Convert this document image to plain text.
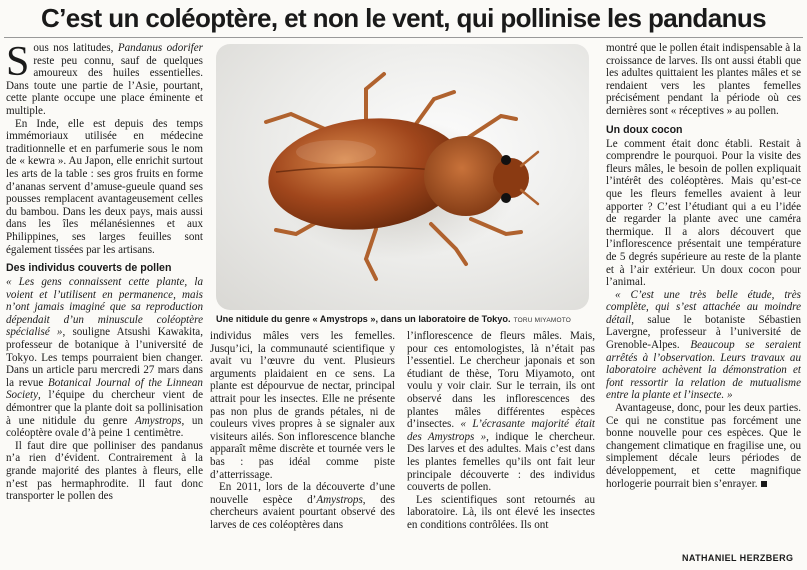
C’est un coléoptère, et non le vent, qui pollinise les pandanus

Sous nos latitudes, Pandanus odorifer reste peu connu, sauf de quelques amoureux des huiles essentielles. Dans toute une partie de l’Asie, pourtant, cette plante occupe une place éminente et multiple.

En Inde, elle est depuis des temps immémoriaux utilisée en médecine traditionnelle et en parfumerie sous le nom de « kewra ». Au Japon, elle enrichit surtout les arts de la table : ses gros fruits en forme d’ananas servent d’amuse-gueule quand ses pousses remplacent avantageusement celles du bambou. Dans les deux pays, mais aussi dans les îles mélanésiennes et aux Philippines, ses larges feuilles sont également tissées par les artisans.

Des individus couverts de pollen

« Les gens connaissent cette plante, la voient et l’utilisent en permanence, mais n’ont jamais imaginé que sa reproduction dépendait d’un minuscule coléoptère spécialisé », souligne Atsushi Kawakita, professeur de botanique à l’université de Tokyo. Les temps pourraient bien changer. Dans un article paru mercredi 27 mars dans la revue Botanical Journal of the Linnean Society, l’équipe du chercheur vient de démontrer que la plante doit sa pollinisation à une nitidule du genre Amystrops, un coléoptère ovale d’à peine 1 centimètre.

Il faut dire que polliniser des pandanus n’a rien d’évident. Contrairement à la grande majorité des plantes à fleurs, elle n’est pas hermaphrodite. Il faut donc transporter le pollen des

Une nitidule du genre « Amystrops », dans un laboratoire de Tokyo. TORU MIYAMOTO

individus mâles vers les femelles. Jusqu’ici, la communauté scientifique y avait vu l’œuvre du vent. Plusieurs arguments plaidaient en ce sens. La plante est dépourvue de nectar, principal attrait pour les insectes. Elle ne présente pas non plus de grands pétales, ni de couleurs vives propres à se signaler aux visiteurs ailés. Son inflorescence blanche apparaît même discrète et tournée vers le bas : pas idéal comme piste d’atterrissage.

En 2011, lors de la découverte d’une nouvelle espèce d’Amystrops, des chercheurs avaient pourtant observé des larves de ces coléoptères dans

l’inflorescence de fleurs mâles. Mais, pour ces entomologistes, là n’était pas l’essentiel. Le chercheur japonais et son étudiant de thèse, Toru Miyamoto, ont voulu y voir clair. Sur le terrain, ils ont observé dans les inflorescences des plantes mâles différentes espèces d’insectes. « L’écrasante majorité était des Amystrops », indique le chercheur. Des larves et des adultes. Mais c’est dans les plantes femelles qu’ils ont fait leur principale découverte : des individus couverts de pollen.

Les scientifiques sont retournés au laboratoire. Là, ils ont élevé les insectes en conditions contrôlées. Ils ont

montré que le pollen était indispensable à la croissance de larves. Ils ont aussi établi que les adultes quittaient les plantes mâles et se rendaient vers les plantes femelles précisément pendant la période où ces dernières sont « réceptives » au pollen.

Un doux cocon

Le comment était donc établi. Restait à comprendre le pourquoi. Pour la visite des fleurs mâles, le besoin de pollen expliquait l’intérêt des coléoptères. Mais qu’est-ce que les fleurs femelles avaient à leur apporter ? C’est l’étudiant qui a eu l’idée de regarder la plante avec une caméra thermique. Il a alors découvert que l’inflorescence présentait une température de 5 degrés supérieure au reste de la plante et à l’air extérieur. Un doux cocon pour l’animal.

« C’est une très belle étude, très complète, qui s’est attachée au moindre détail, salue le botaniste Sébastien Lavergne, professeur à l’université de Grenoble-Alpes. Beaucoup se seraient arrêtés à l’observation. Leurs travaux au laboratoire achèvent la démonstration et font ressortir la relation de mutualisme entre la plante et l’insecte. »

Avantageuse, donc, pour les deux parties. Ce qui ne constitue pas forcément une bonne nouvelle pour ces espèces. Que le changement climatique en fragilise une, ou simplement décale leurs périodes de développement, et cette magnifique horlogerie pourrait bien s’enrayer.

NATHANIEL HERZBERG
